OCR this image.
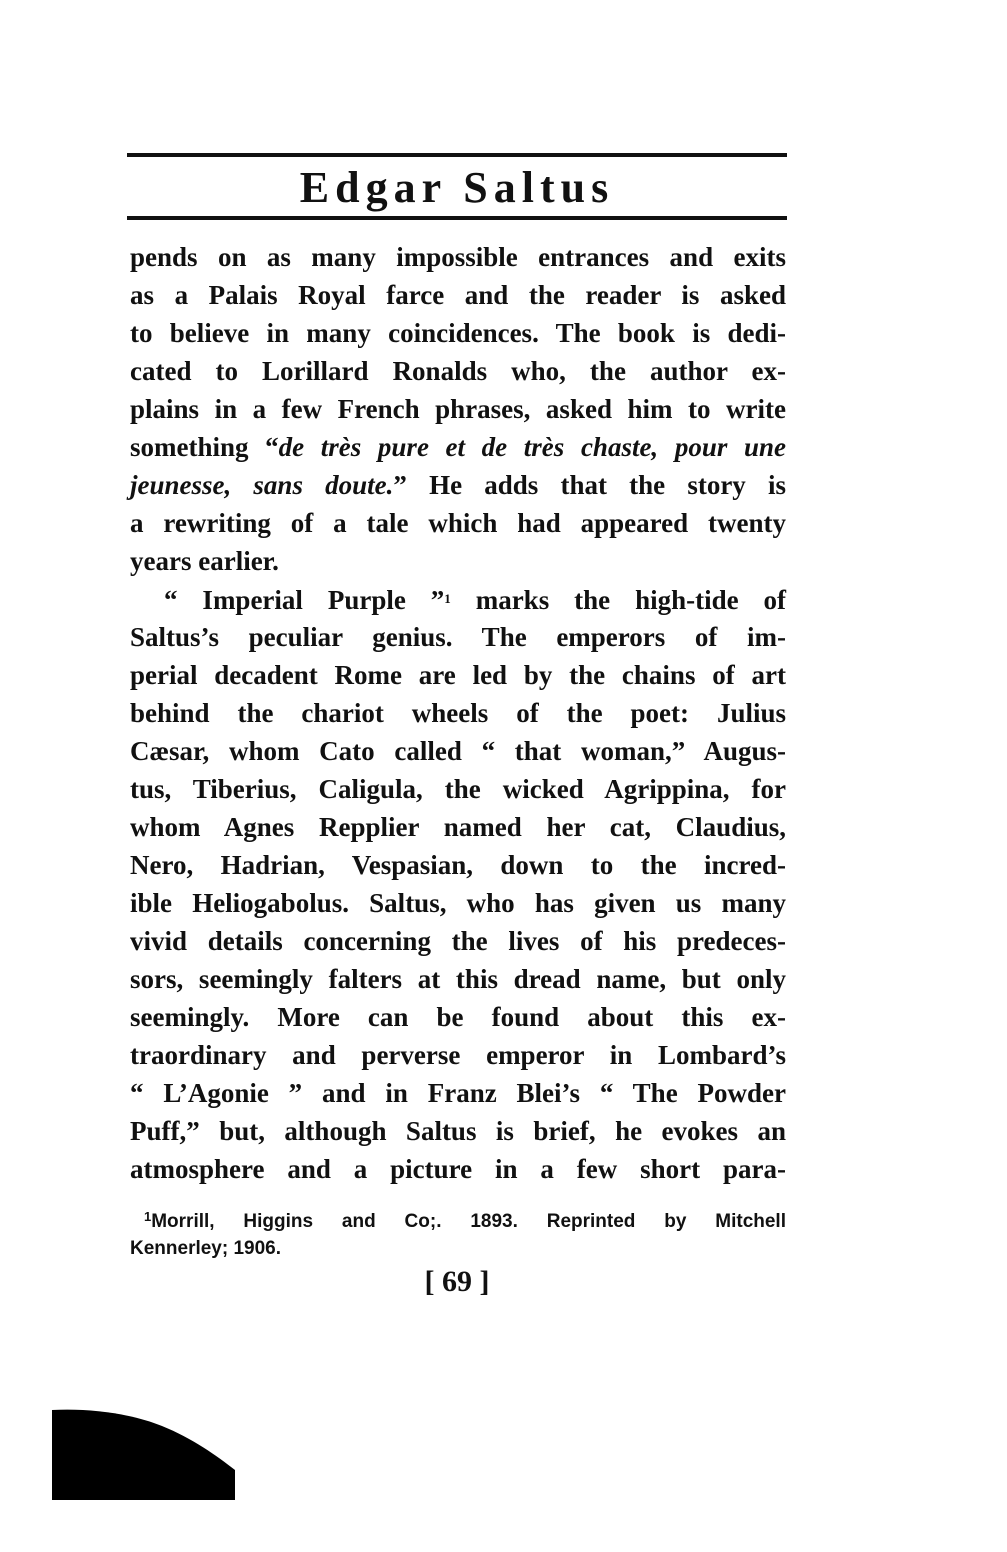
Edgar Saltus
pends on as many impossible entrances and exits
as a Palais Royal farce and the reader is asked
to believe in many coincidences. The book is dedi-
cated to Lorillard Ronalds who, the author ex-
plains in a few French phrases, asked him to write
something “de très pure et de très chaste, pour une
jeunesse, sans doute.” He adds that the story is
a rewriting of a tale which had appeared twenty
years earlier.
“ Imperial Purple ”$^1$ marks the high-tide of
Saltus’s peculiar genius. The emperors of im-
perial decadent Rome are led by the chains of art
behind the chariot wheels of the poet: Julius
Cæsar, whom Cato called “ that woman,” Augus-
tus, Tiberius, Caligula, the wicked Agrippina, for
whom Agnes Repplier named her cat, Claudius,
Nero, Hadrian, Vespasian, down to the incred-
ible Heliogabolus. Saltus, who has given us many
vivid details concerning the lives of his predeces-
sors, seemingly falters at this dread name, but only
seemingly. More can be found about this ex-
traordinary and perverse emperor in Lombard’s
“ L’Agonie ” and in Franz Blei’s “ The Powder
Puff,” but, although Saltus is brief, he evokes an
atmosphere and a picture in a few short para-
$^1$Morrill, Higgins and Co;. 1893. Reprinted by Mitchell
Kennerley; 1906.
[ 69 ]
